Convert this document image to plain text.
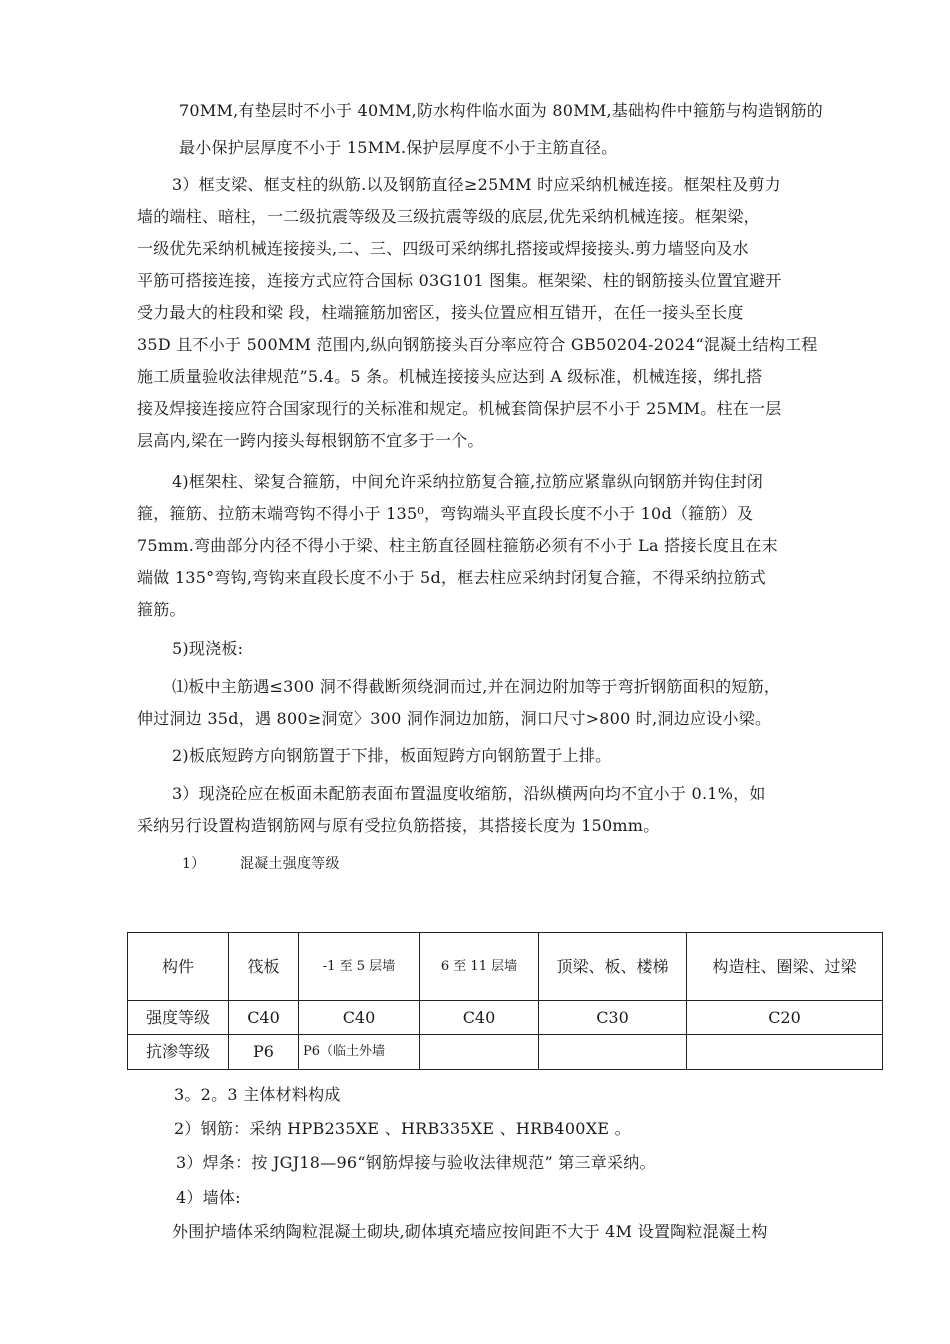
70MM,有垫层时不小于 40MM,防水构件临水面为 80MM,基础构件中箍筋与构造钢筋的
最小保护层厚度不小于 15MM.保护层厚度不小于主筋直径。
3）框支梁、框支柱的纵筋.以及钢筋直径≥25MM 时应采纳机械连接。框架柱及剪力
墙的端柱、暗柱，一二级抗震等级及三级抗震等级的底层,优先采纳机械连接。框架梁，
一级优先采纳机械连接接头,二、三、四级可采纳绑扎搭接或焊接接头.剪力墙竖向及水
平筋可搭接连接，连接方式应符合国标 03G101 图集。框架梁、柱的钢筋接头位置宜避开
受力最大的柱段和梁 段，柱端箍筋加密区，接头位置应相互错开，在任一接头至长度
35D 且不小于 500MM 范围内,纵向钢筋接头百分率应符合 GB50204-2024“混凝土结构工程
施工质量验收法律规范”5.4。5 条。机械连接接头应达到 A 级标准，机械连接，绑扎搭
接及焊接连接应符合国家现行的关标准和规定。机械套筒保护层不小于 25MM。柱在一层
层高内,梁在一跨内接头每根钢筋不宜多于一个。
4)框架柱、梁复合箍筋，中间允许采纳拉筋复合箍,拉筋应紧靠纵向钢筋并钩住封闭
箍，箍筋、拉筋末端弯钩不得小于 135⁰，弯钩端头平直段长度不小于 10d（箍筋）及
75mm.弯曲部分内径不得小于梁、柱主筋直径圆柱箍筋必须有不小于 La 搭接长度且在末
端做 135°弯钩,弯钩来直段长度不小于 5d，框去柱应采纳封闭复合箍，不得采纳拉筋式
箍筋。
5)现浇板:
⑴板中主筋遇≤300 洞不得截断须绕洞而过,并在洞边附加等于弯折钢筋面积的短筋，
伸过洞边 35d，遇 800≥洞宽〉300 洞作洞边加筋，洞口尺寸>800 时,洞边应设小梁。
2)板底短跨方向钢筋置于下排，板面短跨方向钢筋置于上排。
3）现浇砼应在板面未配筋表面布置温度收缩筋，沿纵横两向均不宜小于 0.1%，如
采纳另行设置构造钢筋网与原有受拉负筋搭接，其搭接长度为 150mm。
1） 混凝土强度等级
构件	筏板	-1 至 5 层墙	6 至 11 层墙	顶梁、板、楼梯	构造柱、圈梁、过梁
强度等级	C40	C40	C40	C30	C20
抗渗等级	P6	P6（临土外墙			
3。2。3 主体材料构成
2）钢筋：采纳 HPB235XE 、HRB335XE 、HRB400XE 。
3）焊条：按 JGJ18—96“钢筋焊接与验收法律规范” 第三章采纳。
4）墙体:
外围护墙体采纳陶粒混凝土砌块,砌体填充墙应按间距不大于 4M 设置陶粒混凝土构
